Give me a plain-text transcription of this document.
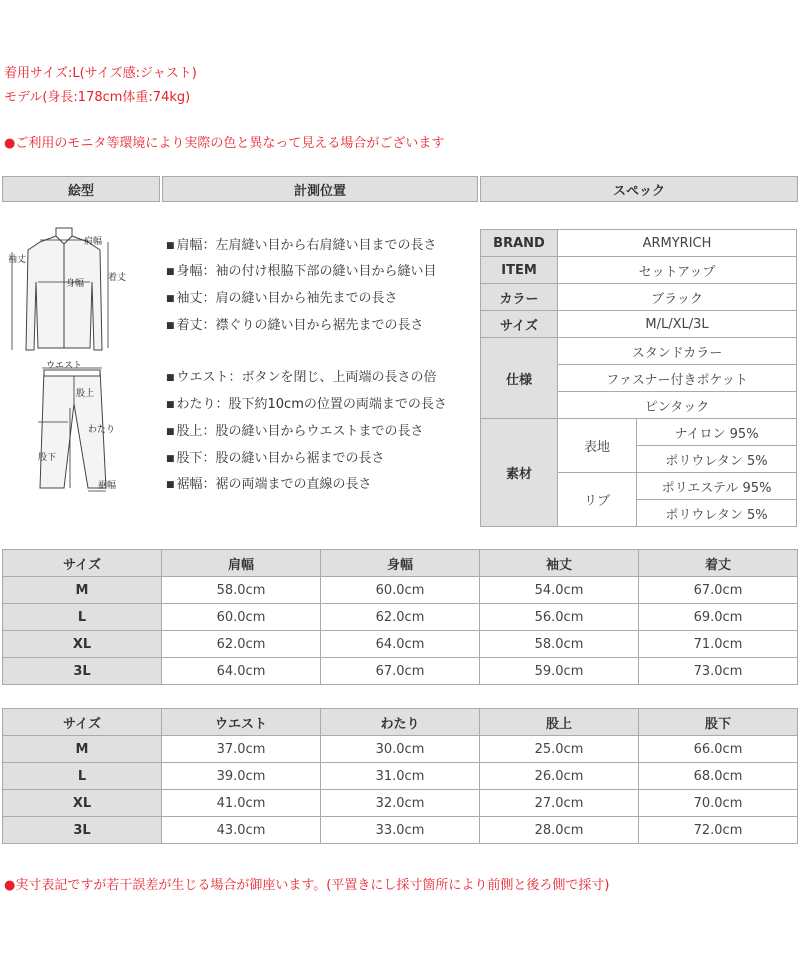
着用サイズ:L(サイズ感:ジャスト)
モデル(身長:178cm体重:74kg)
●ご利用のモニタ等環境により実際の色と異なって見える場合がございます
絵型	計測位置	スペック
肩幅
袖丈
身幅
着丈
ウエスト
股上
わたり
股下
裾幅
■ 肩幅：左肩縫い目から右肩縫い目までの長さ
■ 身幅：袖の付け根脇下部の縫い目から縫い目
■ 袖丈：肩の縫い目から袖先までの長さ
■ 着丈：襟ぐりの縫い目から裾先までの長さ
■ ウエスト：ボタンを閉じ、上両端の長さの倍
■ わたり：股下約10cmの位置の両端までの長さ
■ 股上：股の縫い目からウエストまでの長さ
■ 股下：股の縫い目から裾までの長さ
■ 裾幅：裾の両端までの直線の長さ
BRAND	ARMYRICH	
ITEM	セットアップ	
カラー	ブラック	
サイズ	M/L/XL/3L	
仕様	スタンドカラー	
	ファスナー付きポケット	
	ピンタック	
素材	表地	ナイロン 95%
		ポリウレタン 5%
	リブ	ポリエステル 95%
		ポリウレタン 5%
サイズ	肩幅	身幅	袖丈	着丈
M	58.0cm	60.0cm	54.0cm	67.0cm
L	60.0cm	62.0cm	56.0cm	69.0cm
XL	62.0cm	64.0cm	58.0cm	71.0cm
3L	64.0cm	67.0cm	59.0cm	73.0cm
サイズ	ウエスト	わたり	股上	股下
M	37.0cm	30.0cm	25.0cm	66.0cm
L	39.0cm	31.0cm	26.0cm	68.0cm
XL	41.0cm	32.0cm	27.0cm	70.0cm
3L	43.0cm	33.0cm	28.0cm	72.0cm
●実寸表記ですが若干誤差が生じる場合が御座います。(平置きにし採寸箇所により前側と後ろ側で採寸)
